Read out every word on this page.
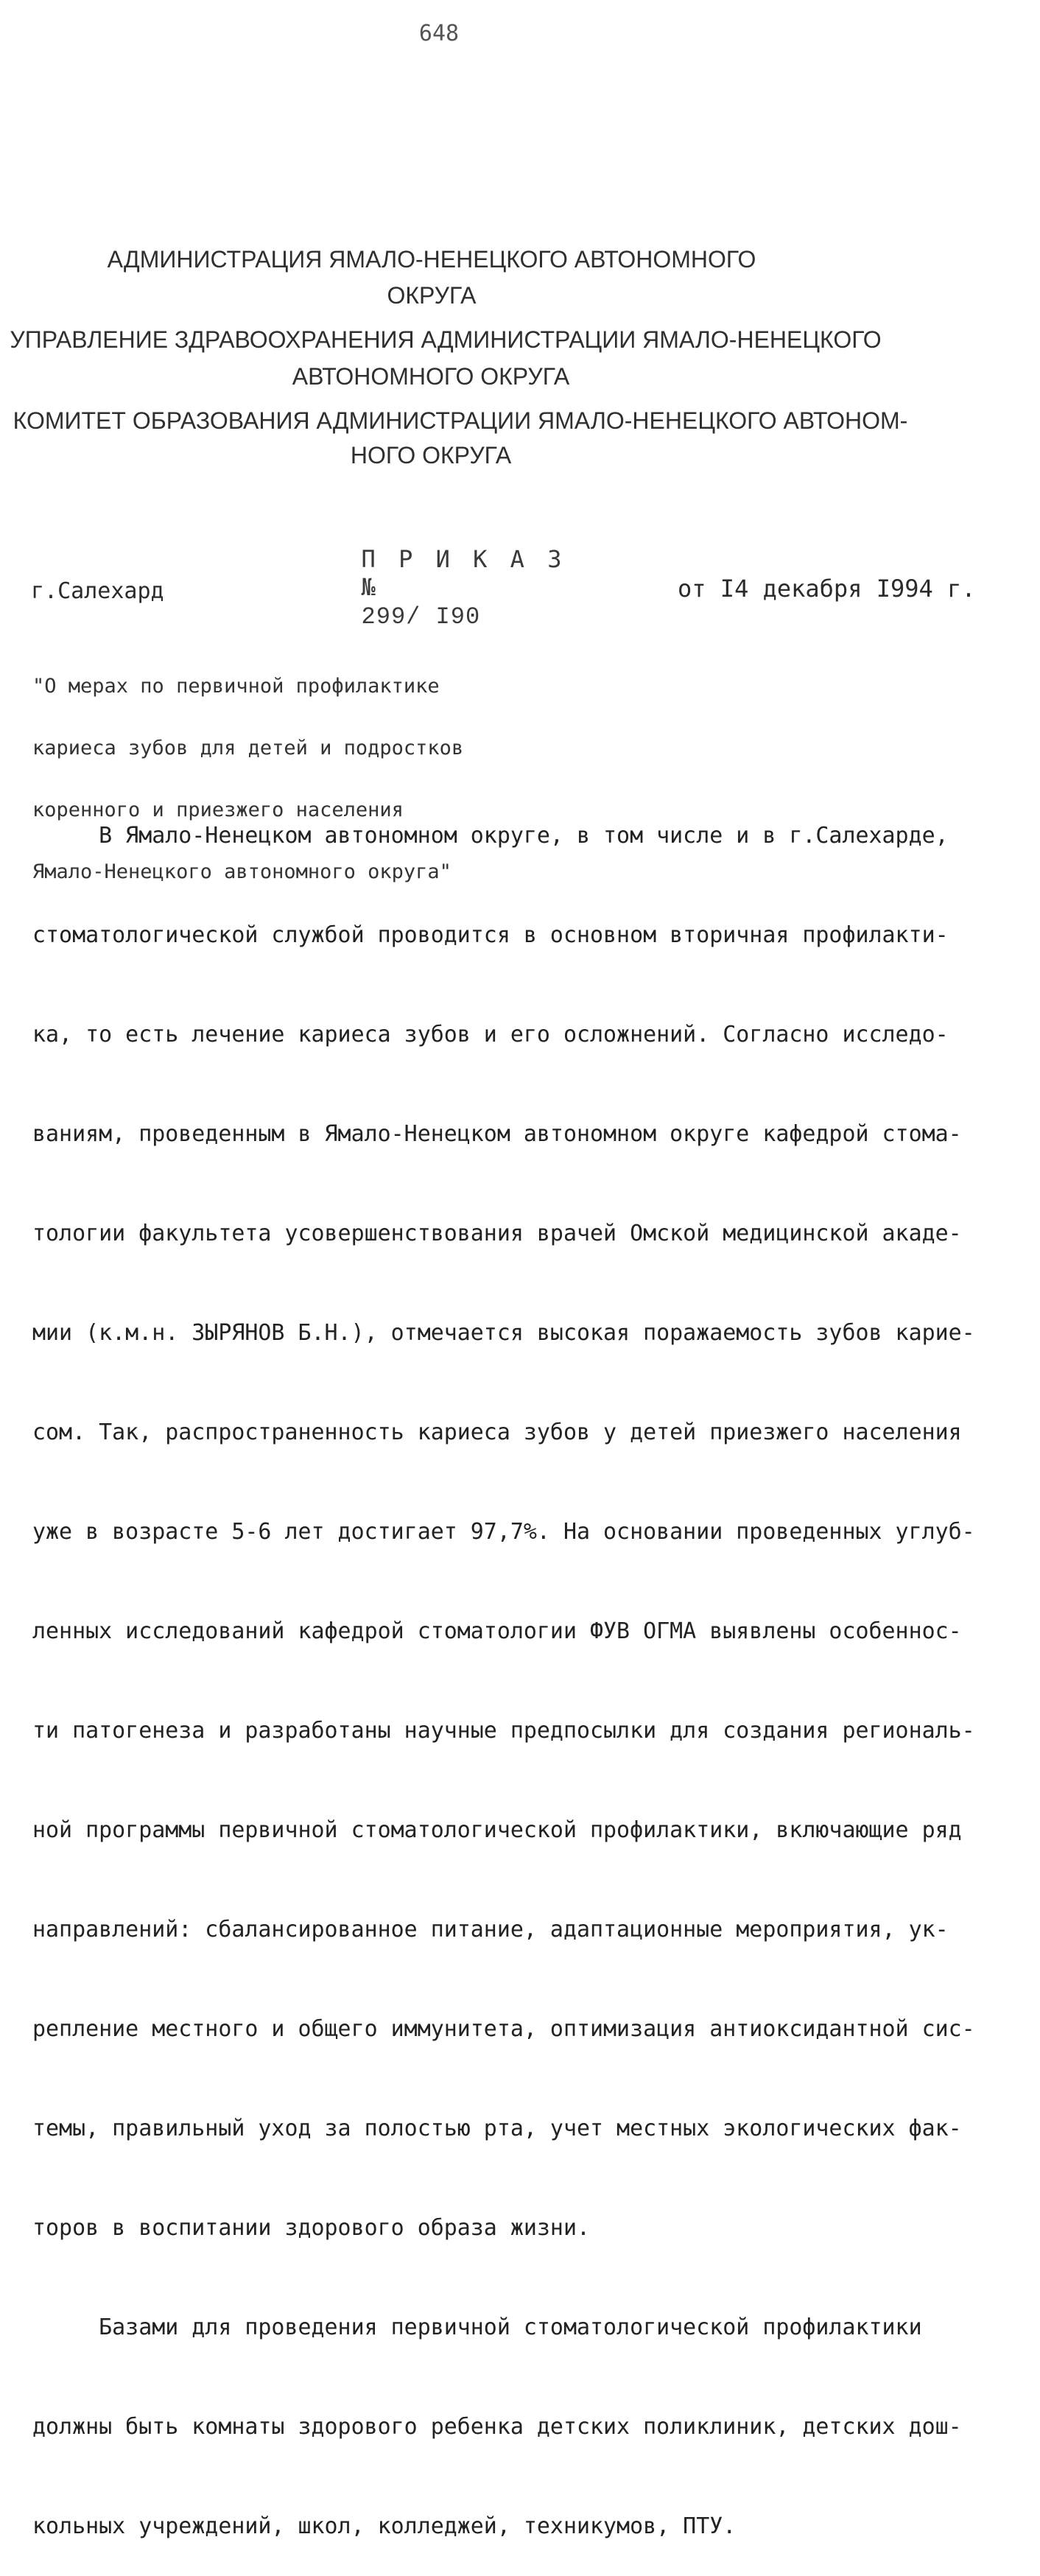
648
АДМИНИСТРАЦИЯ ЯМАЛО-НЕНЕЦКОГО АВТОНОМНОГО
ОКРУГА
УПРАВЛЕНИЕ ЗДРАВООХРАНЕНИЯ АДМИНИСТРАЦИИ ЯМАЛО-НЕНЕЦКОГО
АВТОНОМНОГО ОКРУГА
КОМИТЕТ ОБРАЗОВАНИЯ АДМИНИСТРАЦИИ ЯМАЛО-НЕНЕЦКОГО АВТОНОМ-
НОГО ОКРУГА

П Р И К А З
№
299/ I90

г.Салехард	от I4 декабря I994 г.

"О мерах по первичной профилактике

кариеса зубов для детей и подростков

коренного и приезжего населения

Ямало-Ненецкого автономного округа"

В Ямало-Ненецком автономном округе, в том числе и в г.Салехарде,

стоматологической службой проводится в основном вторичная профилакти-

ка, то есть лечение кариеса зубов и его осложнений. Согласно исследо-

ваниям, проведенным в Ямало-Ненецком автономном округе кафедрой стома-

тологии факультета усовершенствования врачей Омской медицинской акаде-

мии (к.м.н. ЗЫРЯНОВ Б.Н.), отмечается высокая поражаемость зубов карие-

сом. Так, распространенность кариеса зубов у детей приезжего населения

уже в возрасте 5-6 лет достигает 97,7%. На основании проведенных углуб-

ленных исследований кафедрой стоматологии ФУВ ОГМА выявлены особеннос-

ти патогенеза и разработаны научные предпосылки для создания региональ-

ной программы первичной стоматологической профилактики, включающие ряд

направлений: сбалансированное питание, адаптационные мероприятия, ук-

репление местного и общего иммунитета, оптимизация антиоксидантной сис-

темы, правильный уход за полостью рта, учет местных экологических фак-

торов в воспитании здорового образа жизни.

Базами для проведения первичной стоматологической профилактики

должны быть комнаты здорового ребенка детских поликлиник, детских дош-

кольных учреждений, школ, колледжей, техникумов, ПТУ.
